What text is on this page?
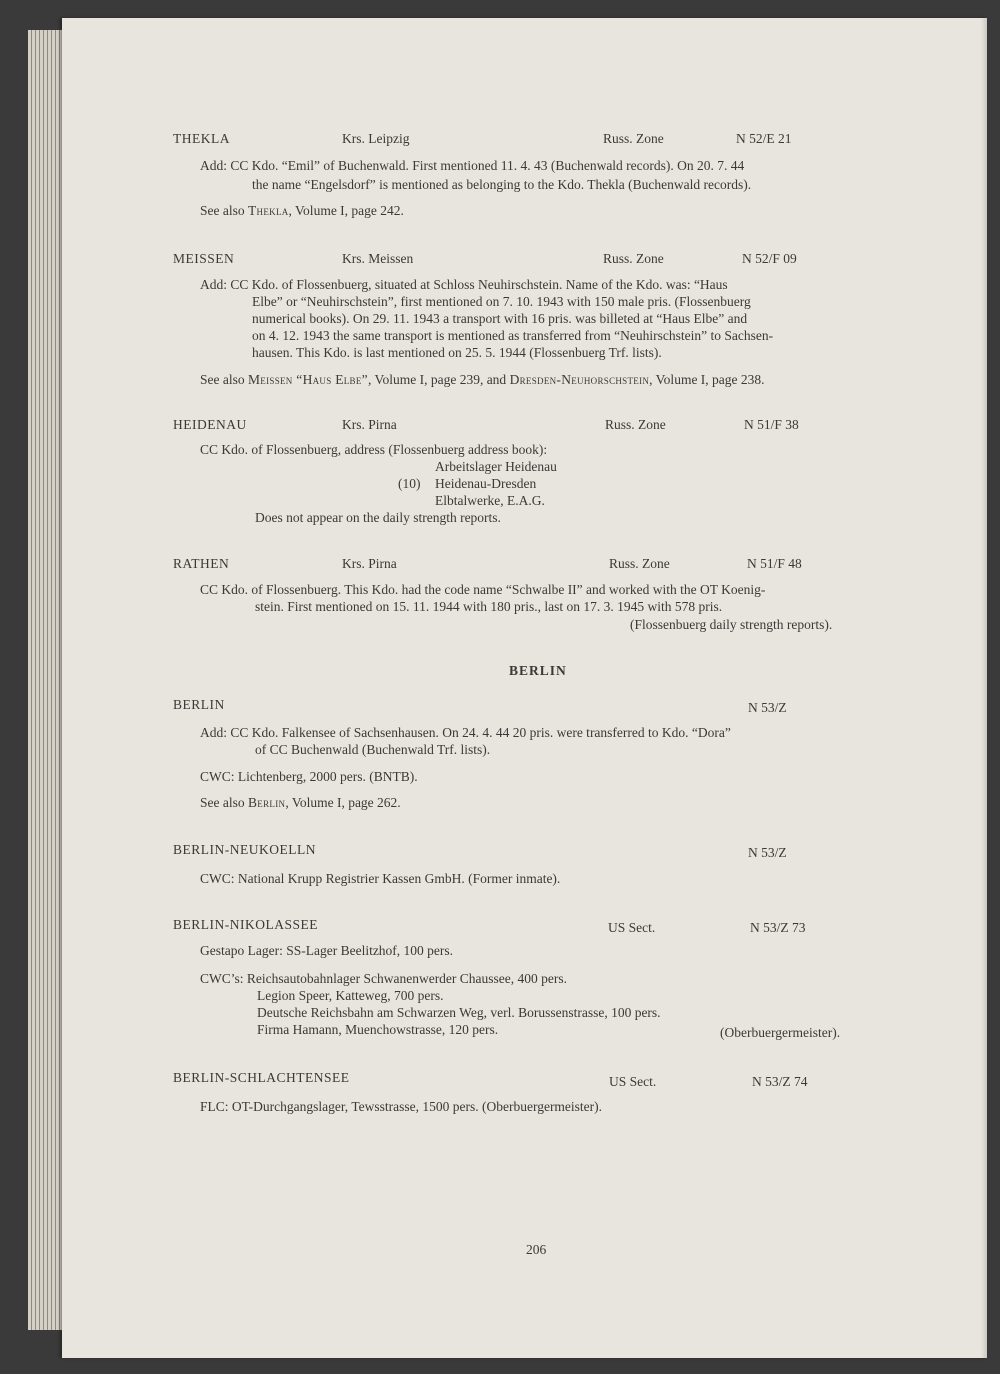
THEKLA	Krs. Leipzig	Russ. Zone	N 52/E 21
Add: CC Kdo. “Emil” of Buchenwald. First mentioned 11. 4. 43 (Buchenwald records). On 20. 7. 44
the name “Engelsdorf” is mentioned as belonging to the Kdo. Thekla (Buchenwald records).
See also Thekla, Volume I, page 242.
MEISSEN	Krs. Meissen	Russ. Zone	N 52/F 09
Add: CC Kdo. of Flossenbuerg, situated at Schloss Neuhirschstein. Name of the Kdo. was: “Haus
Elbe” or “Neuhirschstein”, first mentioned on 7. 10. 1943 with 150 male pris. (Flossenbuerg
numerical books). On 29. 11. 1943 a transport with 16 pris. was billeted at “Haus Elbe” and
on 4. 12. 1943 the same transport is mentioned as transferred from “Neuhirschstein” to Sachsen-
hausen. This Kdo. is last mentioned on 25. 5. 1944 (Flossenbuerg Trf. lists).
See also Meissen “Haus Elbe”, Volume I, page 239, and Dresden-Neuhorschstein, Volume I, page 238.
HEIDENAU	Krs. Pirna	Russ. Zone	N 51/F 38
CC Kdo. of Flossenbuerg, address (Flossenbuerg address book):
Arbeitslager Heidenau
(10) Heidenau-Dresden
Elbtalwerke, E.A.G.
Does not appear on the daily strength reports.
RATHEN	Krs. Pirna	Russ. Zone	N 51/F 48
CC Kdo. of Flossenbuerg. This Kdo. had the code name “Schwalbe II” and worked with the OT Koenig-
stein. First mentioned on 15. 11. 1944 with 180 pris., last on 17. 3. 1945 with 578 pris.
(Flossenbuerg daily strength reports).
BERLIN
BERLIN	N 53/Z
Add: CC Kdo. Falkensee of Sachsenhausen. On 24. 4. 44 20 pris. were transferred to Kdo. “Dora”
of CC Buchenwald (Buchenwald Trf. lists).
CWC: Lichtenberg, 2000 pers. (BNTB).
See also Berlin, Volume I, page 262.
BERLIN-NEUKOELLN	N 53/Z
CWC: National Krupp Registrier Kassen GmbH. (Former inmate).
BERLIN-NIKOLASSEE	US Sect.	N 53/Z 73
Gestapo Lager: SS-Lager Beelitzhof, 100 pers.
CWC’s: Reichsautobahnlager Schwanenwerder Chaussee, 400 pers.
Legion Speer, Katteweg, 700 pers.
Deutsche Reichsbahn am Schwarzen Weg, verl. Borussenstrasse, 100 pers.
Firma Hamann, Muenchowstrasse, 120 pers.	(Oberbuergermeister).
BERLIN-SCHLACHTENSEE	US Sect.	N 53/Z 74
FLC: OT-Durchgangslager, Tewsstrasse, 1500 pers. (Oberbuergermeister).
206
